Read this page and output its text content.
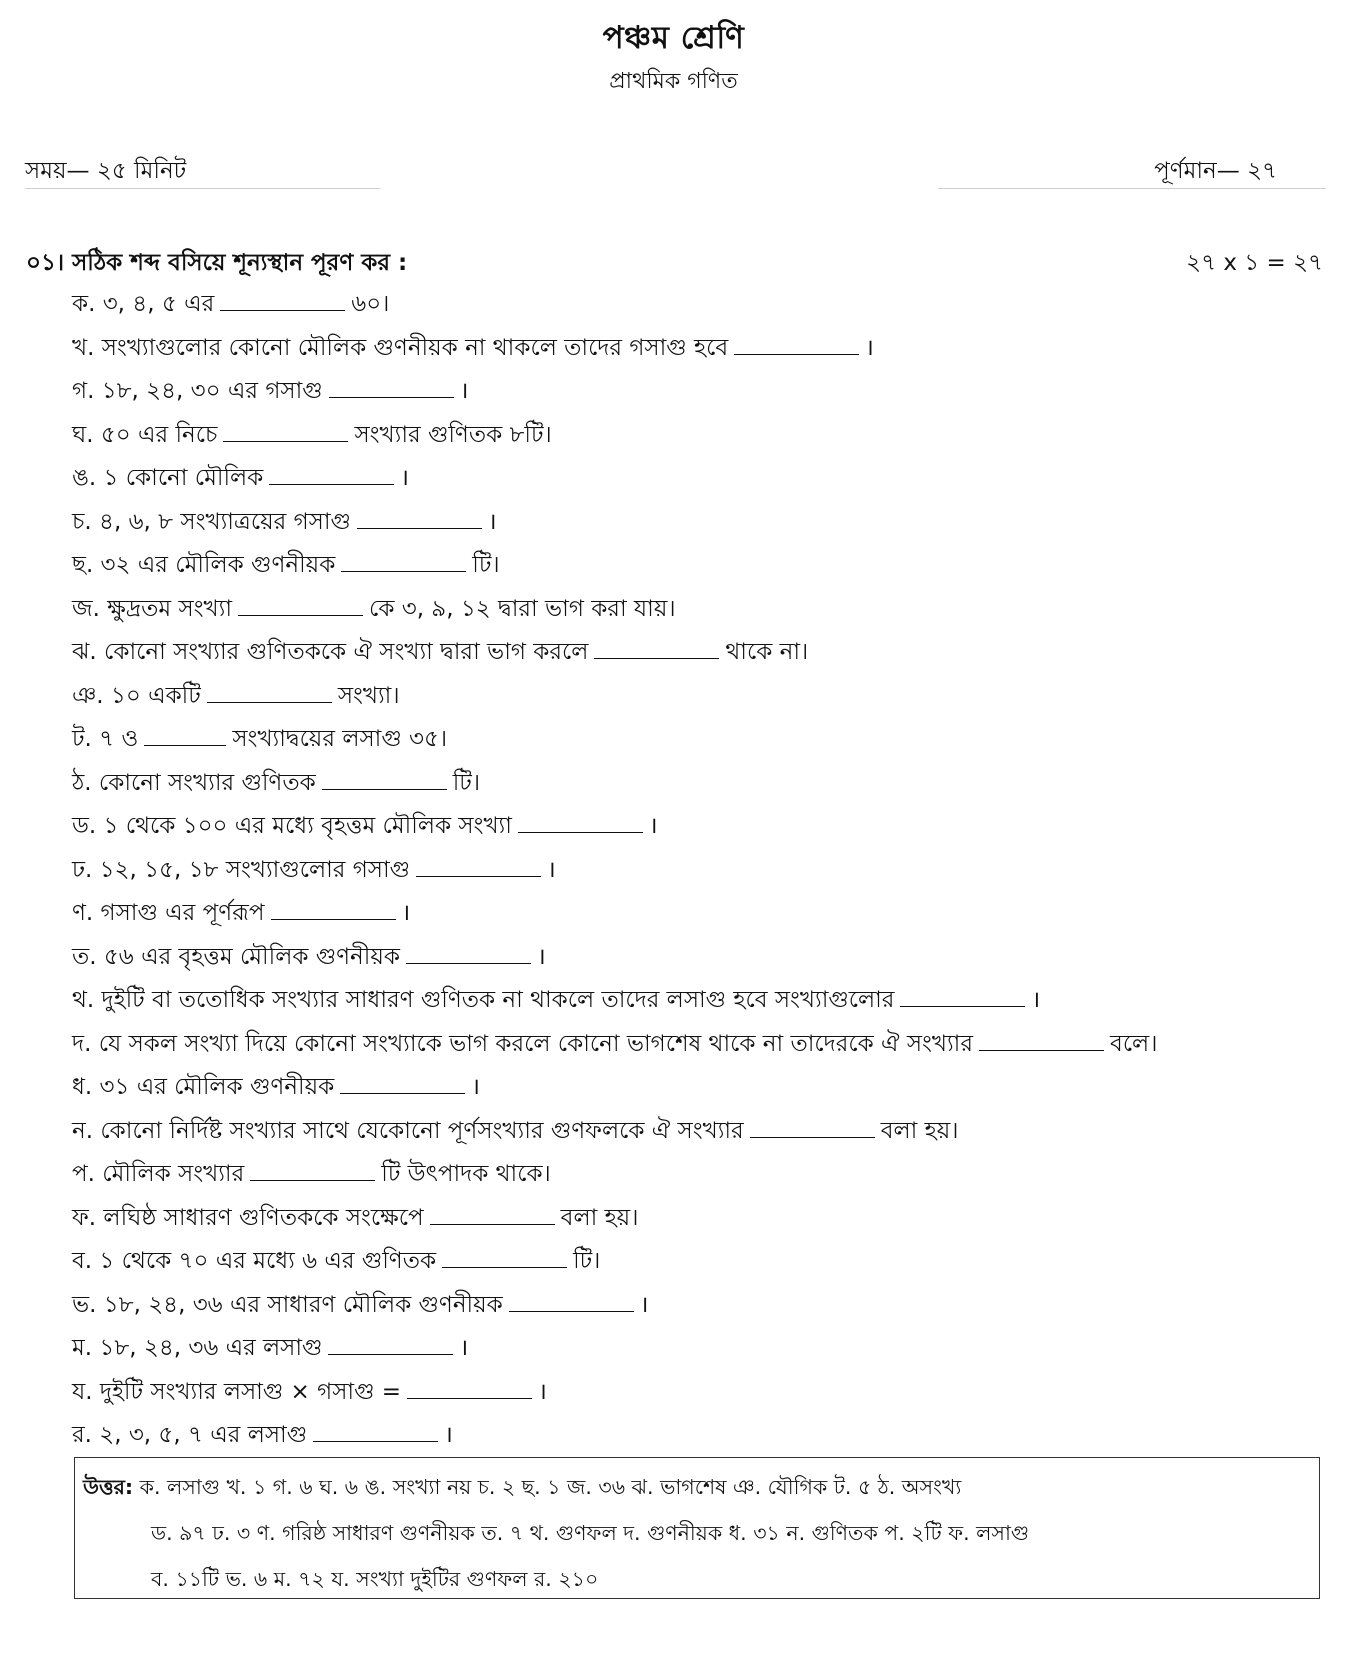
পঞ্চম শ্রেণি
প্রাথমিক গণিত
সময়— ২৫ মিনিট	পূর্ণমান— ২৭
০১। সঠিক শব্দ বসিয়ে শূন্যস্থান পূরণ কর :	২৭ x ১ = ২৭
ক. ৩, ৪, ৫ এর	৬০।
খ. সংখ্যাগুলোর কোনো মৌলিক গুণনীয়ক না থাকলে তাদের গসাগু হবে	।
গ. ১৮, ২৪, ৩০ এর গসাগু	।
ঘ. ৫০ এর নিচে	সংখ্যার গুণিতক ৮টি।
ঙ. ১ কোনো মৌলিক	।
চ. ৪, ৬, ৮ সংখ্যাত্রয়ের গসাগু	।
ছ. ৩২ এর মৌলিক গুণনীয়ক	টি।
জ. ক্ষুদ্রতম সংখ্যা	কে ৩, ৯, ১২ দ্বারা ভাগ করা যায়।
ঝ. কোনো সংখ্যার গুণিতককে ঐ সংখ্যা দ্বারা ভাগ করলে	থাকে না।
ঞ. ১০ একটি	সংখ্যা।
ট. ৭ ও	সংখ্যাদ্বয়ের লসাগু ৩৫।
ঠ. কোনো সংখ্যার গুণিতক	টি।
ড. ১ থেকে ১০০ এর মধ্যে বৃহত্তম মৌলিক সংখ্যা	।
ঢ. ১২, ১৫, ১৮ সংখ্যাগুলোর গসাগু	।
ণ. গসাগু এর পূর্ণরূপ	।
ত. ৫৬ এর বৃহত্তম মৌলিক গুণনীয়ক	।
থ. দুইটি বা ততোধিক সংখ্যার সাধারণ গুণিতক না থাকলে তাদের লসাগু হবে সংখ্যাগুলোর	।
দ. যে সকল সংখ্যা দিয়ে কোনো সংখ্যাকে ভাগ করলে কোনো ভাগশেষ থাকে না তাদেরকে ঐ সংখ্যার	বলে।
ধ. ৩১ এর মৌলিক গুণনীয়ক	।
ন. কোনো নির্দিষ্ট সংখ্যার সাথে যেকোনো পূর্ণসংখ্যার গুণফলকে ঐ সংখ্যার	বলা হয়।
প. মৌলিক সংখ্যার	টি উৎপাদক থাকে।
ফ. লঘিষ্ঠ সাধারণ গুণিতককে সংক্ষেপে	বলা হয়।
ব. ১ থেকে ৭০ এর মধ্যে ৬ এর গুণিতক	টি।
ভ. ১৮, ২৪, ৩৬ এর সাধারণ মৌলিক গুণনীয়ক	।
ম. ১৮, ২৪, ৩৬ এর লসাগু	।
য. দুইটি সংখ্যার লসাগু × গসাগু =	।
র. ২, ৩, ৫, ৭ এর লসাগু	।
উত্তর: ক. লসাগু খ. ১ গ. ৬ ঘ. ৬ ঙ. সংখ্যা নয় চ. ২ ছ. ১ জ. ৩৬ ঝ. ভাগশেষ ঞ. যৌগিক ট. ৫ ঠ. অসংখ্য
ড. ৯৭ ঢ. ৩ ণ. গরিষ্ঠ সাধারণ গুণনীয়ক ত. ৭ থ. গুণফল দ. গুণনীয়ক ধ. ৩১ ন. গুণিতক প. ২টি ফ. লসাগু
ব. ১১টি ভ. ৬ ম. ৭২ য. সংখ্যা দুইটির গুণফল র. ২১০
